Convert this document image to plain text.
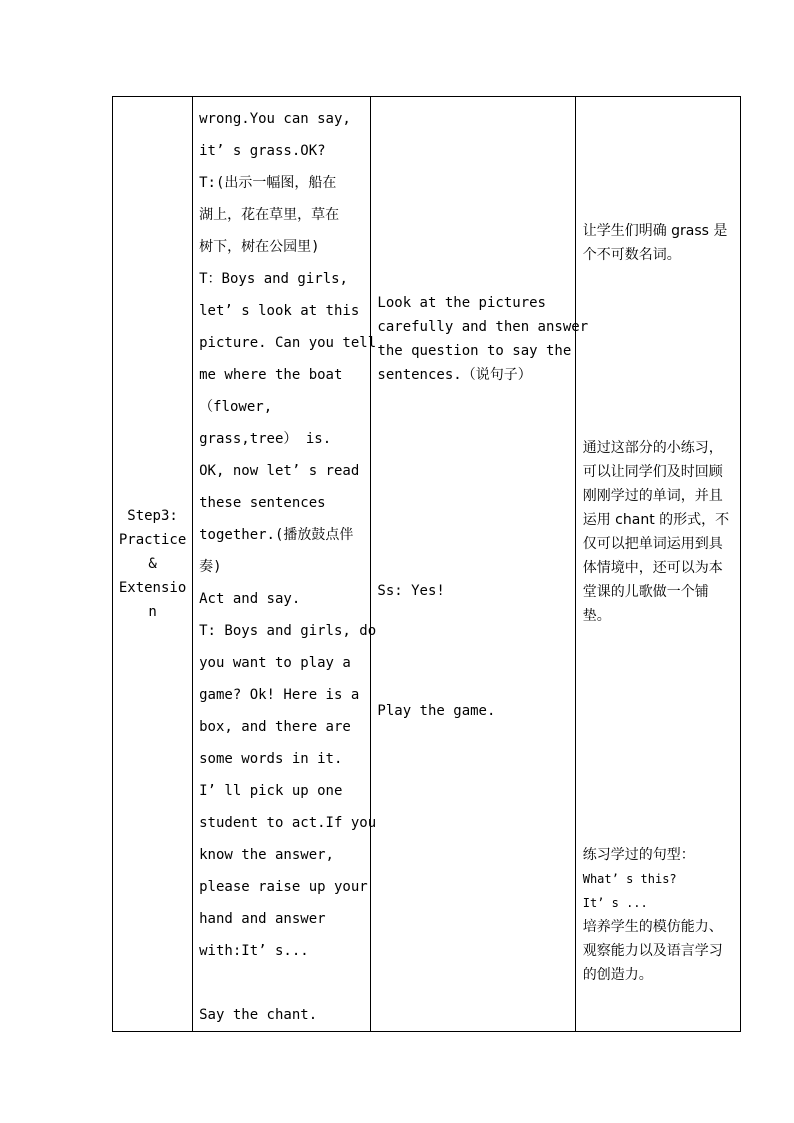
Step3:
Practice
&
Extensio
n

wrong.You can say,
it’ s grass.OK?
T:(出示一幅图，船在
湖上，花在草里，草在
树下，树在公园里)
T：Boys and girls,
let’ s look at this
picture. Can you tell
me where the boat
（flower,
grass,tree） is.
OK, now let’ s read
these sentences
together.(播放鼓点伴
奏)
Act and say.
T: Boys and girls, do
you want to play a
game? Ok! Here is a
box, and there are
some words in it.
I’ ll pick up one
student to act.If you
know the answer,
please raise up your
hand and answer
with:It’ s...
Say the chant.

Look at the pictures
carefully and then answer
the question to say the
sentences.（说句子）
Ss: Yes!
Play the game.

让学生们明确 grass 是
个不可数名词。
通过这部分的小练习，
可以让同学们及时回顾
刚刚学过的单词，并且
运用 chant 的形式，不
仅可以把单词运用到具
体情境中，还可以为本
堂课的儿歌做一个铺
垫。
练习学过的句型：
What’ s this?
It’ s ...
培养学生的模仿能力、
观察能力以及语言学习
的创造力。
